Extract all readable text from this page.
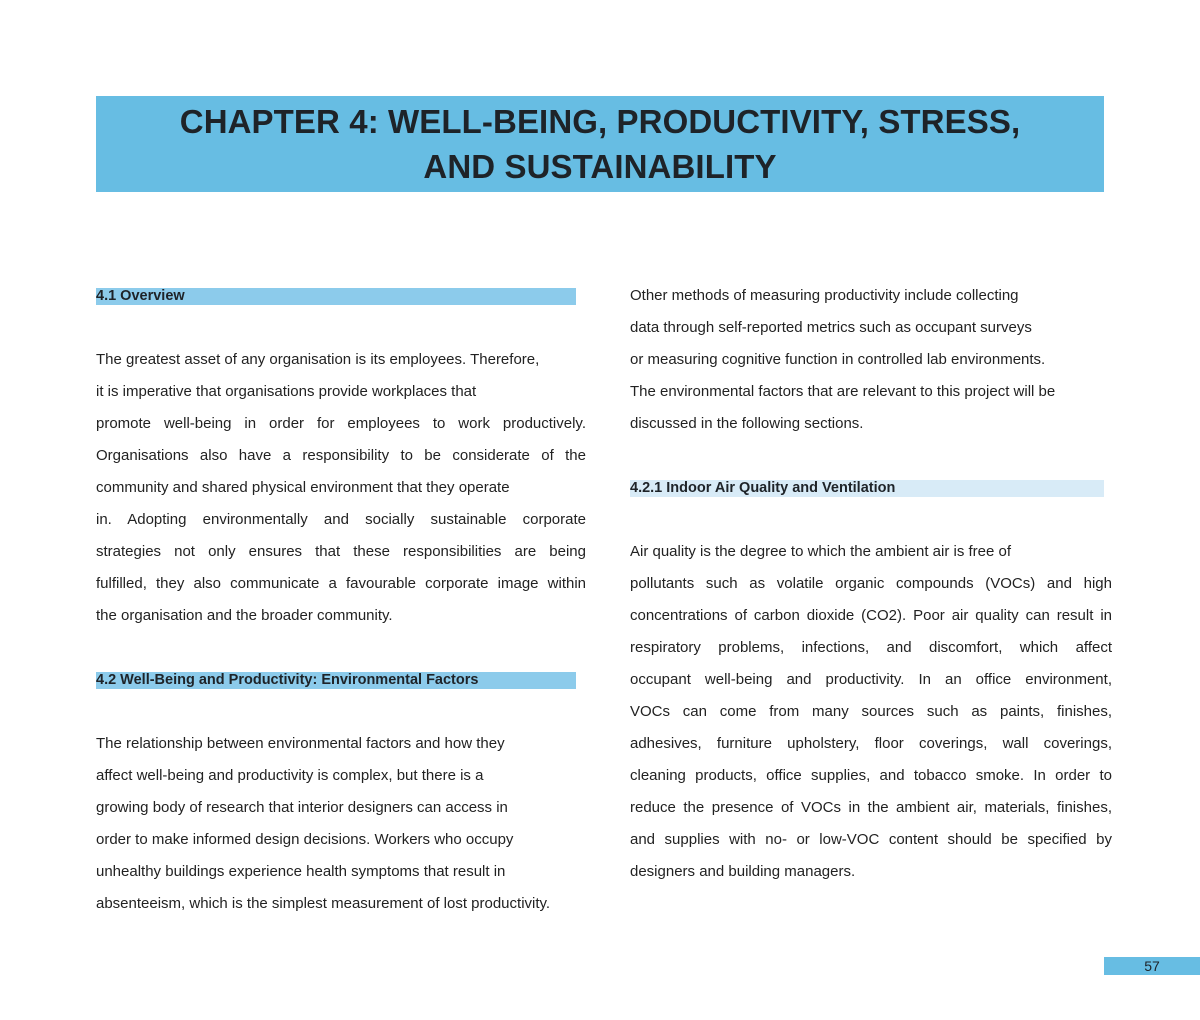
CHAPTER 4: WELL-BEING, PRODUCTIVITY, STRESS,
AND SUSTAINABILITY
4.1 Overview
The greatest asset of any organisation is its employees. Therefore,
it is imperative that organisations provide workplaces that
promote well-being in order for employees to work productively.
Organisations also have a responsibility to be considerate of the
community and shared physical environment that they operate
in. Adopting environmentally and socially sustainable corporate
strategies not only ensures that these responsibilities are being
fulfilled, they also communicate a favourable corporate image within
the organisation and the broader community.
4.2 Well-Being and Productivity: Environmental Factors
The relationship between environmental factors and how they
affect well-being and productivity is complex, but there is a
growing body of research that interior designers can access in
order to make informed design decisions. Workers who occupy
unhealthy buildings experience health symptoms that result in
absenteeism, which is the simplest measurement of lost productivity.
Other methods of measuring productivity include collecting
data through self-reported metrics such as occupant surveys
or measuring cognitive function in controlled lab environments.
The environmental factors that are relevant to this project will be
discussed in the following sections.
4.2.1 Indoor Air Quality and Ventilation
Air quality is the degree to which the ambient air is free of
pollutants such as volatile organic compounds (VOCs) and high
concentrations of carbon dioxide (CO2). Poor air quality can result in
respiratory problems, infections, and discomfort, which affect
occupant well-being and productivity. In an office environment,
VOCs can come from many sources such as paints, finishes,
adhesives, furniture upholstery, floor coverings, wall coverings,
cleaning products, office supplies, and tobacco smoke. In order to
reduce the presence of VOCs in the ambient air, materials, finishes,
and supplies with no- or low-VOC content should be specified by
designers and building managers.
57
